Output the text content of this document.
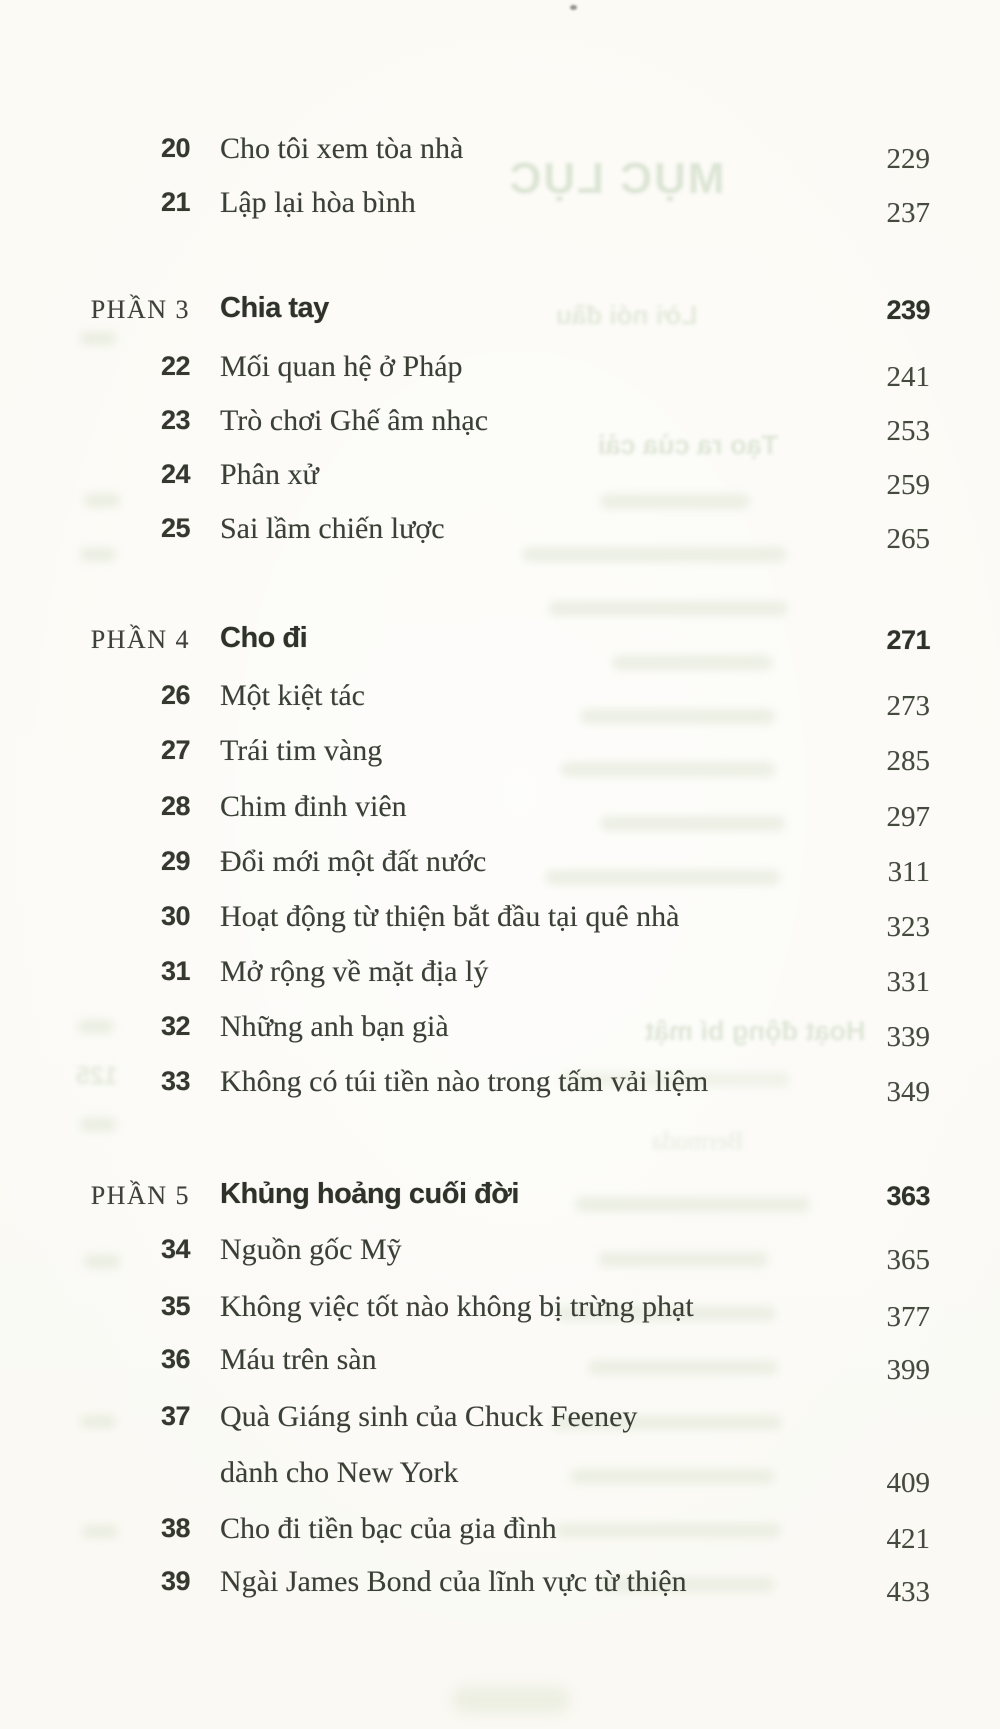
MỤC LỤC
Lời nói đầu
Tạo ra của cải
Hoạt động bí mật
Bermuda
125
20 Cho tôi xem tòa nhà	229
21 Lập lại hòa bình	237
PHẦN 3 Chia tay	239
22 Mối quan hệ ở Pháp	241
23 Trò chơi Ghế âm nhạc	253
24 Phân xử	259
25 Sai lầm chiến lược	265
PHẦN 4 Cho đi	271
26 Một kiệt tác	273
27 Trái tim vàng	285
28 Chim đinh viên	297
29 Đổi mới một đất nước	311
30 Hoạt động từ thiện bắt đầu tại quê nhà	323
31 Mở rộng về mặt địa lý	331
32 Những anh bạn già	339
33 Không có túi tiền nào trong tấm vải liệm	349
PHẦN 5 Khủng hoảng cuối đời	363
34 Nguồn gốc Mỹ	365
35 Không việc tốt nào không bị trừng phạt	377
36 Máu trên sàn	399
37 Quà Giáng sinh của Chuck Feeney
dành cho New York	409
38 Cho đi tiền bạc của gia đình	421
39 Ngài James Bond của lĩnh vực từ thiện	433
